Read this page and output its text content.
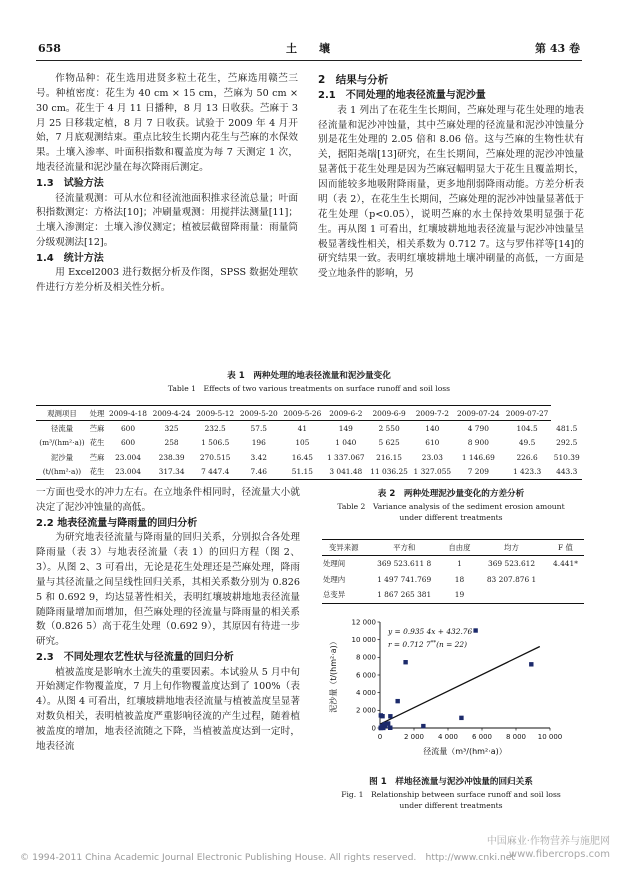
658	土　　壤	第 43 卷

作物品种：花生选用进贤多粒土花生，苎麻选用赣苎三号。种植密度：花生为 40 cm × 15 cm，苎麻为 50 cm × 30 cm。花生于 4 月 11 日播种，8 月 13 日收获。苎麻于 3 月 25 日移栽定植，8 月 7 日收获。试验于 2009 年 4 月开始，7 月底观测结束。重点比较生长期内花生与苎麻的水保效果。土壤入渗率、叶面积指数和覆盖度为每 7 天测定 1 次，地表径流量和泥沙量在每次降雨后测定。

1.3　试验方法

径流量观测：可从水位和径流池面积推求径流总量；叶面积指数测定：方格法[10]；冲刷量观测：用搅拌法测量[11]；土壤入渗测定：土壤入渗仪测定；植被层截留降雨量：雨量筒分级观测法[12]。

1.4　统计方法

用 Excel2003 进行数据分析及作图，SPSS 数据处理软件进行方差分析及相关性分析。

2　结果与分析

2.1　不同处理的地表径流量与泥沙量

表 1 列出了在花生生长期间，苎麻处理与花生处理的地表径流量和泥沙冲蚀量，其中苎麻处理的径流量和泥沙冲蚀量分别是花生处理的 2.05 倍和 8.06 倍。这与苎麻的生物性状有关，据阳尧端[13]研究，在生长期间，苎麻处理的泥沙冲蚀量显著低于花生处理是因为苎麻冠幅明显大于花生且覆盖期长，因而能较多地吸附降雨量，更多地削弱降雨动能。方差分析表明（表 2），在花生生长期间，苎麻处理的泥沙冲蚀量显著低于花生处理（p<0.05），说明苎麻的水土保持效果明显强于花生。再从图 1 可看出，红壤坡耕地地表径流量与泥沙冲蚀量呈极显著线性相关，相关系数为 0.712 7。这与罗伟祥等[14]的研究结果一致。表明红壤坡耕地土壤冲刷量的高低，一方面是受立地条件的影响，另

表 1　两种处理的地表径流量和泥沙量变化
Table 1　Effects of two various treatments on surface runoff and soil loss
观测项目	处理	2009-4-18	2009-4-24	2009-5-12	2009-5-20	2009-5-26	2009-6-2	2009-6-9	2009-7-2	2009-07-24	2009-07-27	
径流量	苎麻	600	325	232.5	57.5	41	149	2 550	140	4 790	104.5	481.5
(m³/(hm²·a))	花生	600	258	1 506.5	196	105	1 040	5 625	610	8 900	49.5	292.5
泥沙量	苎麻	23.004	238.39	270.515	3.42	16.45	1 337.067	216.15	23.03	1 146.69	226.6	510.39
(t/(hm²·a))	花生	23.004	317.34	7 447.4	7.46	51.15	3 041.48	11 036.25	1 327.055	7 209	1 423.3	443.3

一方面也受水的冲力左右。在立地条件相同时，径流量大小就决定了泥沙冲蚀量的高低。

2.2 地表径流量与降雨量的回归分析

为研究地表径流量与降雨量的回归关系，分别拟合各处理降雨量（表 3）与地表径流量（表 1）的回归方程（图 2、3）。从图 2、3 可看出，无论是花生处理还是苎麻处理，降雨量与其径流量之间呈线性回归关系，其相关系数分别为 0.826 5 和 0.692 9，均达显著性相关，表明红壤坡耕地地表径流量随降雨量增加而增加，但苎麻处理的径流量与降雨量的相关系数（0.826 5）高于花生处理（0.692 9），其原因有待进一步研究。

2.3　不同处理农艺性状与径流量的回归分析

植被盖度是影响水土流失的重要因素。本试验从 5 月中旬开始测定作物覆盖度，7 月上旬作物覆盖度达到了 100%（表 4）。从图 4 可看出，红壤坡耕地地表径流量与植被盖度呈显著对数负相关，表明植被盖度严重影响径流的产生过程，随着植被盖度的增加，地表径流随之下降，当植被盖度达到一定时，地表径流

表 2　两种处理泥沙量变化的方差分析
Table 2　Variance analysis of the sediment erosion amount
under different treatments
变异来源	平方和	自由度	均方	F 值
处理间	369 523.611 8	1	369 523.612	4.441*
处理内	1 497 741.769	18	83 207.876 1	
总变异	1 867 265 381	19		
0	2 000 4 000 6 000 8 000 10 000
0
2 000
4 000
6 000
8 000
10 000
12 000
径流量（m³/(hm²·a)）
泥沙量（t/(hm²·a)）
y = 0.935 4x + 432.76
r = 0.712 7**(n = 22)
图 1　样地径流量与泥沙冲蚀量的回归关系
Fig. 1　Relationship between surface runoff and soil loss
under different treatments
© 1994-2011 China Academic Journal Electronic Publishing House. All rights reserved.　http://www.cnki.net
中国麻业·作物营养与施肥网
www.fibercrops.com
